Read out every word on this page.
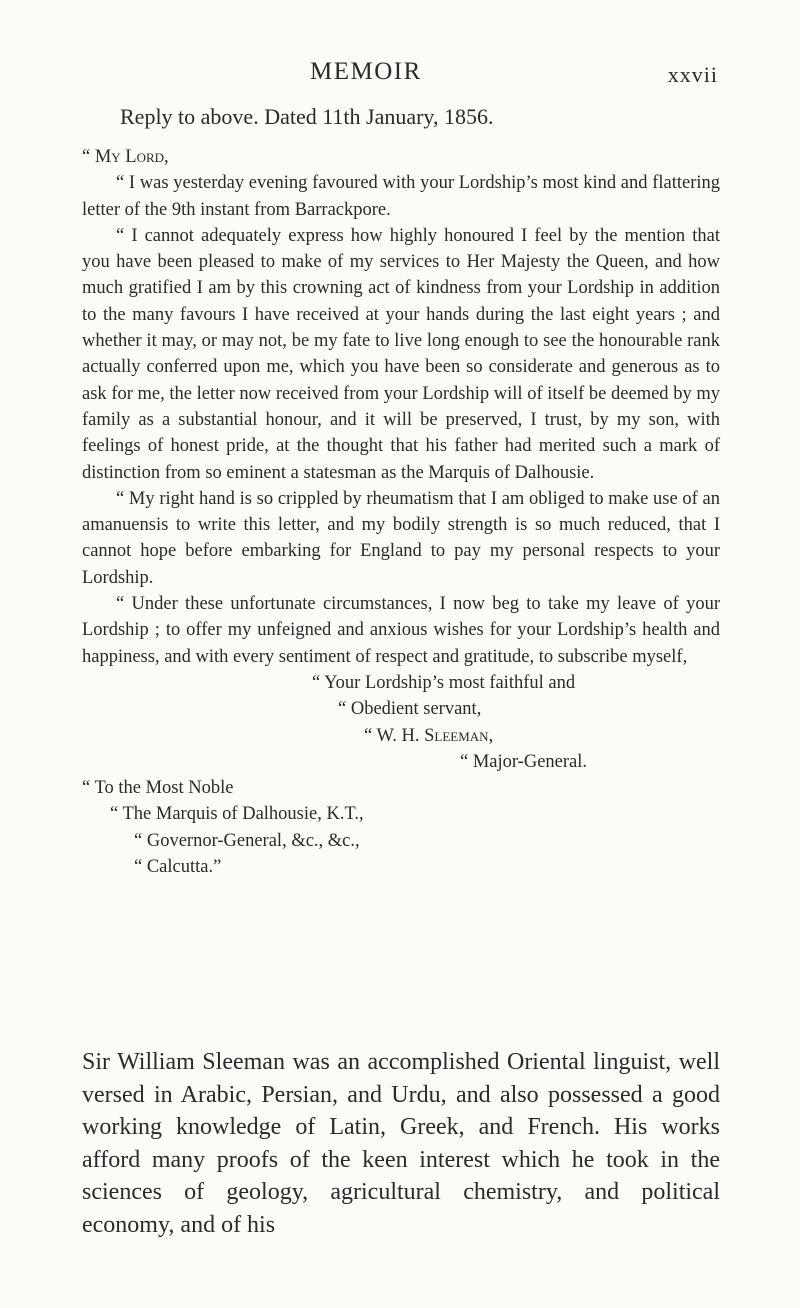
MEMOIR	xxvii
Reply to above. Dated 11th January, 1856.

“ My Lord,

“ I was yesterday evening favoured with your Lordship’s most kind and flattering letter of the 9th instant from Barrackpore.

“ I cannot adequately express how highly honoured I feel by the mention that you have been pleased to make of my services to Her Majesty the Queen, and how much gratified I am by this crowning act of kindness from your Lordship in addition to the many favours I have received at your hands during the last eight years ; and whether it may, or may not, be my fate to live long enough to see the honourable rank actually conferred upon me, which you have been so considerate and generous as to ask for me, the letter now received from your Lordship will of itself be deemed by my family as a substantial honour, and it will be preserved, I trust, by my son, with feelings of honest pride, at the thought that his father had merited such a mark of distinction from so eminent a statesman as the Marquis of Dalhousie.

“ My right hand is so crippled by rheumatism that I am obliged to make use of an amanuensis to write this letter, and my bodily strength is so much reduced, that I cannot hope before embarking for England to pay my personal respects to your Lordship.

“ Under these unfortunate circumstances, I now beg to take my leave of your Lordship ; to offer my unfeigned and anxious wishes for your Lordship’s health and happiness, and with every sentiment of respect and gratitude, to subscribe myself,

“ Your Lordship’s most faithful and

“ Obedient servant,

“ W. H. Sleeman,

“ Major-General.

“ To the Most Noble

“ The Marquis of Dalhousie, K.T.,

“ Governor-General, &c., &c.,

“ Calcutta.”

Sir William Sleeman was an accomplished Oriental linguist, well versed in Arabic, Persian, and Urdu, and also possessed a good working knowledge of Latin, Greek, and French. His works afford many proofs of the keen interest which he took in the sciences of geology, agricultural chemistry, and political economy, and of his
